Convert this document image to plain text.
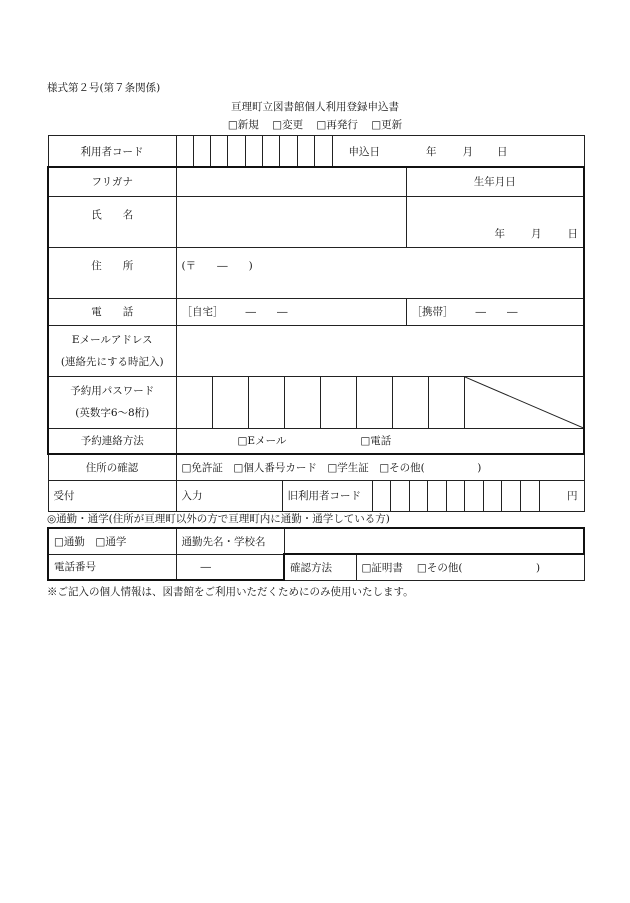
様式第２号(第７条関係)
亘理町立図書館個人利用登録申込書
□新規 □変更 □再発行 □更新
利用者コード	申込日 年 月 日	

フリガナ		生年月日
氏　　名		年 月 日
住　　所	(〒　　―　　)	
電　　話	［自宅］ ―　　―	［携帯］ ―　　―

Eメールアドレス
(連絡先にする時記入)		

予約用パスワード
(英数字6～8桁)

予約連絡方法	□Eメール □電話	
住所の確認	□免許証　□個人番号カード　□学生証　□その他(　　　　　)	
受付	入力 旧利用者コード 円	
◎通勤・通学(住所が亘理町以外の方で亘理町内に通勤・通学している方)
□通勤　□通学	通勤先名・学校名		
電話番号	―	確認方法	□証明書 □その他(　　　　　　　)
※ご記入の個人情報は、図書館をご利用いただくためにのみ使用いたします。
